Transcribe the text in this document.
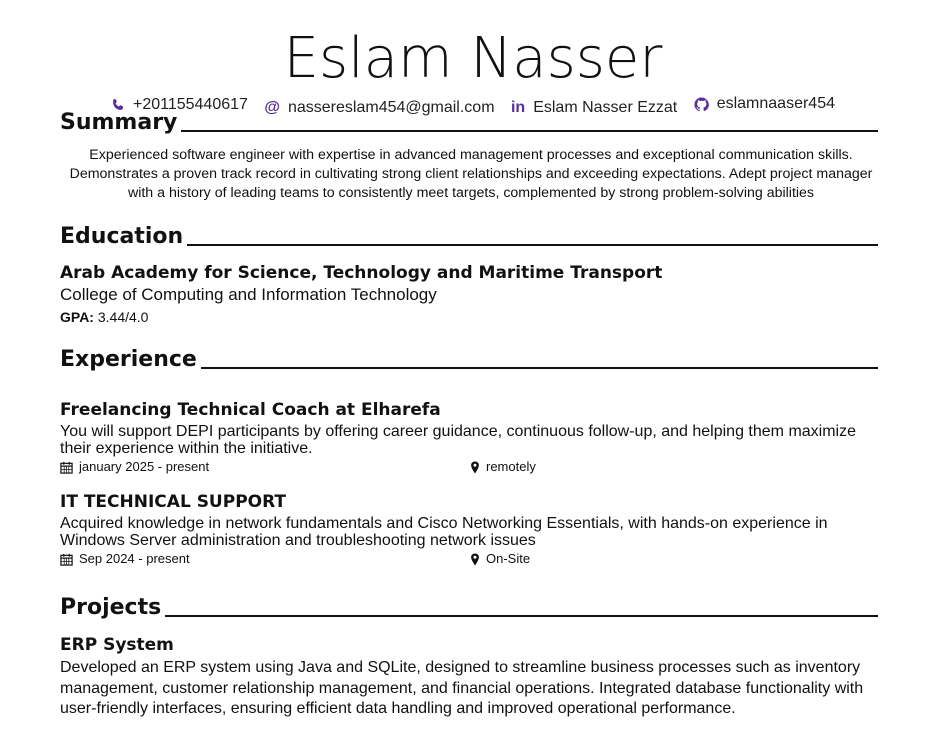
Eslam Nasser
+201155440617
@ nassereslam454@gmail.com
in Eslam Nasser Ezzat
eslamnaaser454
Summary
Experienced software engineer with expertise in advanced management processes and exceptional communication skills. Demonstrates a proven track record in cultivating strong client relationships and exceeding expectations. Adept project manager with a history of leading teams to consistently meet targets, complemented by strong problem-solving abilities
Education
Arab Academy for Science, Technology and Maritime Transport
College of Computing and Information Technology
GPA: 3.44/4.0
Experience
Freelancing Technical Coach at Elharefa
You will support DEPI participants by offering career guidance, continuous follow-up, and helping them maximize their experience within the initiative.
january 2025 - present	remotely
IT TECHNICAL SUPPORT
Acquired knowledge in network fundamentals and Cisco Networking Essentials, with hands-on experience in Windows Server administration and troubleshooting network issues
Sep 2024 - present	On-Site
Projects
ERP System
Developed an ERP system using Java and SQLite, designed to streamline business processes such as inventory management, customer relationship management, and financial operations. Integrated database functionality with user-friendly interfaces, ensuring efficient data handling and improved operational performance.
